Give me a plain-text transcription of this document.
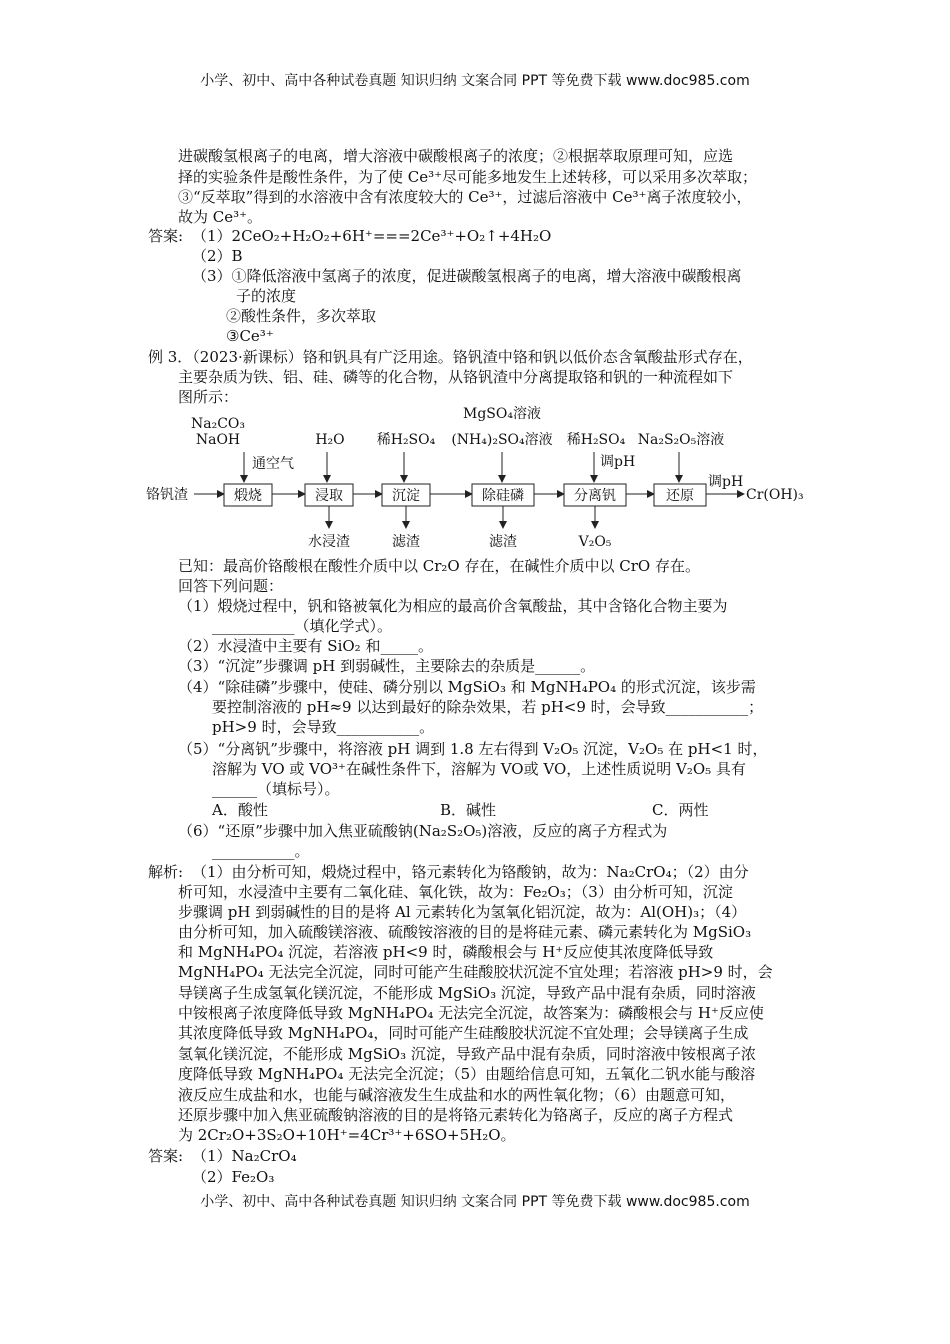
小学、初中、高中各种试卷真题 知识归纳 文案合同 PPT 等免费下载 www.doc985.com
进碳酸氢根离子的电离，增大溶液中碳酸根离子的浓度；②根据萃取原理可知，应选
择的实验条件是酸性条件，为了使 Ce³⁺尽可能多地发生上述转移，可以采用多次萃取；
③“反萃取”得到的水溶液中含有浓度较大的 Ce³⁺，过滤后溶液中 Ce³⁺离子浓度较小，
故为 Ce³⁺。
答案: （1）2CeO₂+H₂O₂+6H⁺===2Ce³⁺+O₂↑+4H₂O
（2）B
（3）①降低溶液中氢离子的浓度，促进碳酸氢根离子的电离，增大溶液中碳酸根离
子的浓度
②酸性条件，多次萃取
③Ce³⁺
例 3．（2023·新课标）铬和钒具有广泛用途。铬钒渣中铬和钒以低价态含氧酸盐形式存在，
主要杂质为铁、铝、硅、磷等的化合物，从铬钒渣中分离提取铬和钒的一种流程如下
图所示：
Na₂CO₃
NaOH
通空气
H₂O 稀H₂SO₄
MgSO₄溶液
(NH₄)₂SO₄溶液 稀H₂SO₄
调pH
Na₂S₂O₅溶液
铬钒渣	煅烧	浸取	沉淀	除硅磷	分离钒	还原
调pH
Cr(OH)₃
水浸渣	滤渣	滤渣	V₂O₅
已知：最高价铬酸根在酸性介质中以 Cr₂O 存在，在碱性介质中以 CrO 存在。
回答下列问题：
（1）煅烧过程中，钒和铬被氧化为相应的最高价含氧酸盐，其中含铬化合物主要为
___________（填化学式）。
（2）水浸渣中主要有 SiO₂ 和_____。
（3）“沉淀”步骤调 pH 到弱碱性，主要除去的杂质是______。
（4）“除硅磷”步骤中，使硅、磷分别以 MgSiO₃ 和 MgNH₄PO₄ 的形式沉淀，该步需
要控制溶液的 pH≈9 以达到最好的除杂效果，若 pH<9 时，会导致___________；
pH>9 时，会导致___________。
（5）“分离钒”步骤中，将溶液 pH 调到 1.8 左右得到 V₂O₅ 沉淀，V₂O₅ 在 pH<1 时，
溶解为 VO 或 VO³⁺在碱性条件下，溶解为 VO或 VO，上述性质说明 V₂O₅ 具有
______（填标号）。
A．酸性	B．碱性	C．两性
（6）“还原”步骤中加入焦亚硫酸钠(Na₂S₂O₅)溶液，反应的离子方程式为
___________。
解析: （1）由分析可知，煅烧过程中，铬元素转化为铬酸钠，故为：Na₂CrO₄；（2）由分
析可知，水浸渣中主要有二氧化硅、氧化铁，故为：Fe₂O₃；（3）由分析可知，沉淀
步骤调 pH 到弱碱性的目的是将 Al 元素转化为氢氧化铝沉淀，故为：Al(OH)₃；（4）
由分析可知，加入硫酸镁溶液、硫酸铵溶液的目的是将硅元素、磷元素转化为 MgSiO₃
和 MgNH₄PO₄ 沉淀，若溶液 pH<9 时，磷酸根会与 H⁺反应使其浓度降低导致
MgNH₄PO₄ 无法完全沉淀，同时可能产生硅酸胶状沉淀不宜处理；若溶液 pH>9 时，会
导镁离子生成氢氧化镁沉淀，不能形成 MgSiO₃ 沉淀，导致产品中混有杂质，同时溶液
中铵根离子浓度降低导致 MgNH₄PO₄ 无法完全沉淀，故答案为：磷酸根会与 H⁺反应使
其浓度降低导致 MgNH₄PO₄，同时可能产生硅酸胶状沉淀不宜处理；会导镁离子生成
氢氧化镁沉淀，不能形成 MgSiO₃ 沉淀，导致产品中混有杂质，同时溶液中铵根离子浓
度降低导致 MgNH₄PO₄ 无法完全沉淀；（5）由题给信息可知，五氧化二钒水能与酸溶
液反应生成盐和水，也能与碱溶液发生生成盐和水的两性氧化物；（6）由题意可知，
还原步骤中加入焦亚硫酸钠溶液的目的是将铬元素转化为铬离子，反应的离子方程式
为 2Cr₂O+3S₂O+10H⁺=4Cr³⁺+6SO+5H₂O。
答案: （1）Na₂CrO₄
（2）Fe₂O₃
小学、初中、高中各种试卷真题 知识归纳 文案合同 PPT 等免费下载 www.doc985.com
